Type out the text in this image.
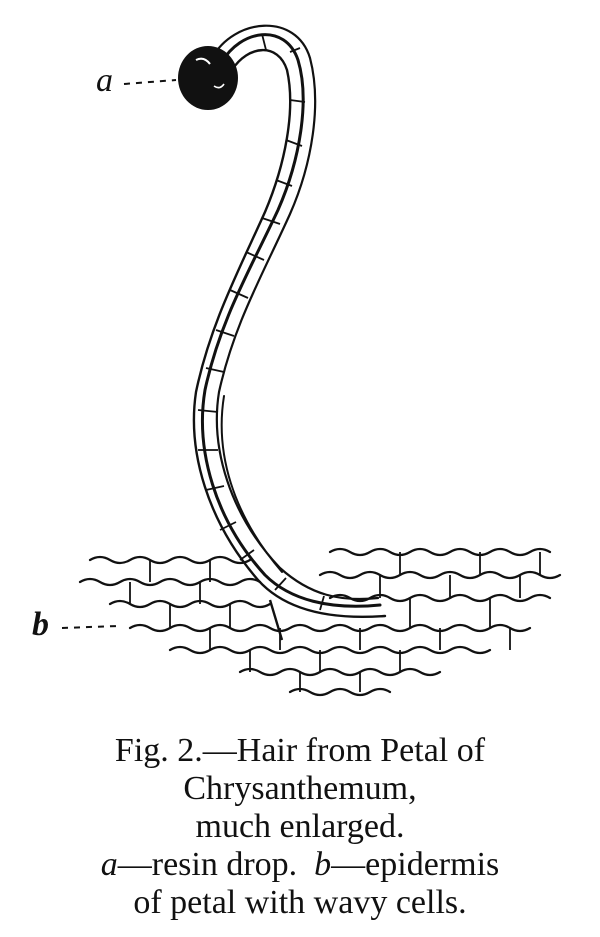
a
b
Fig. 2.—Hair from Petal of
Chrysanthemum,
much enlarged.
a—resin drop. b—epidermis
of petal with wavy cells.
